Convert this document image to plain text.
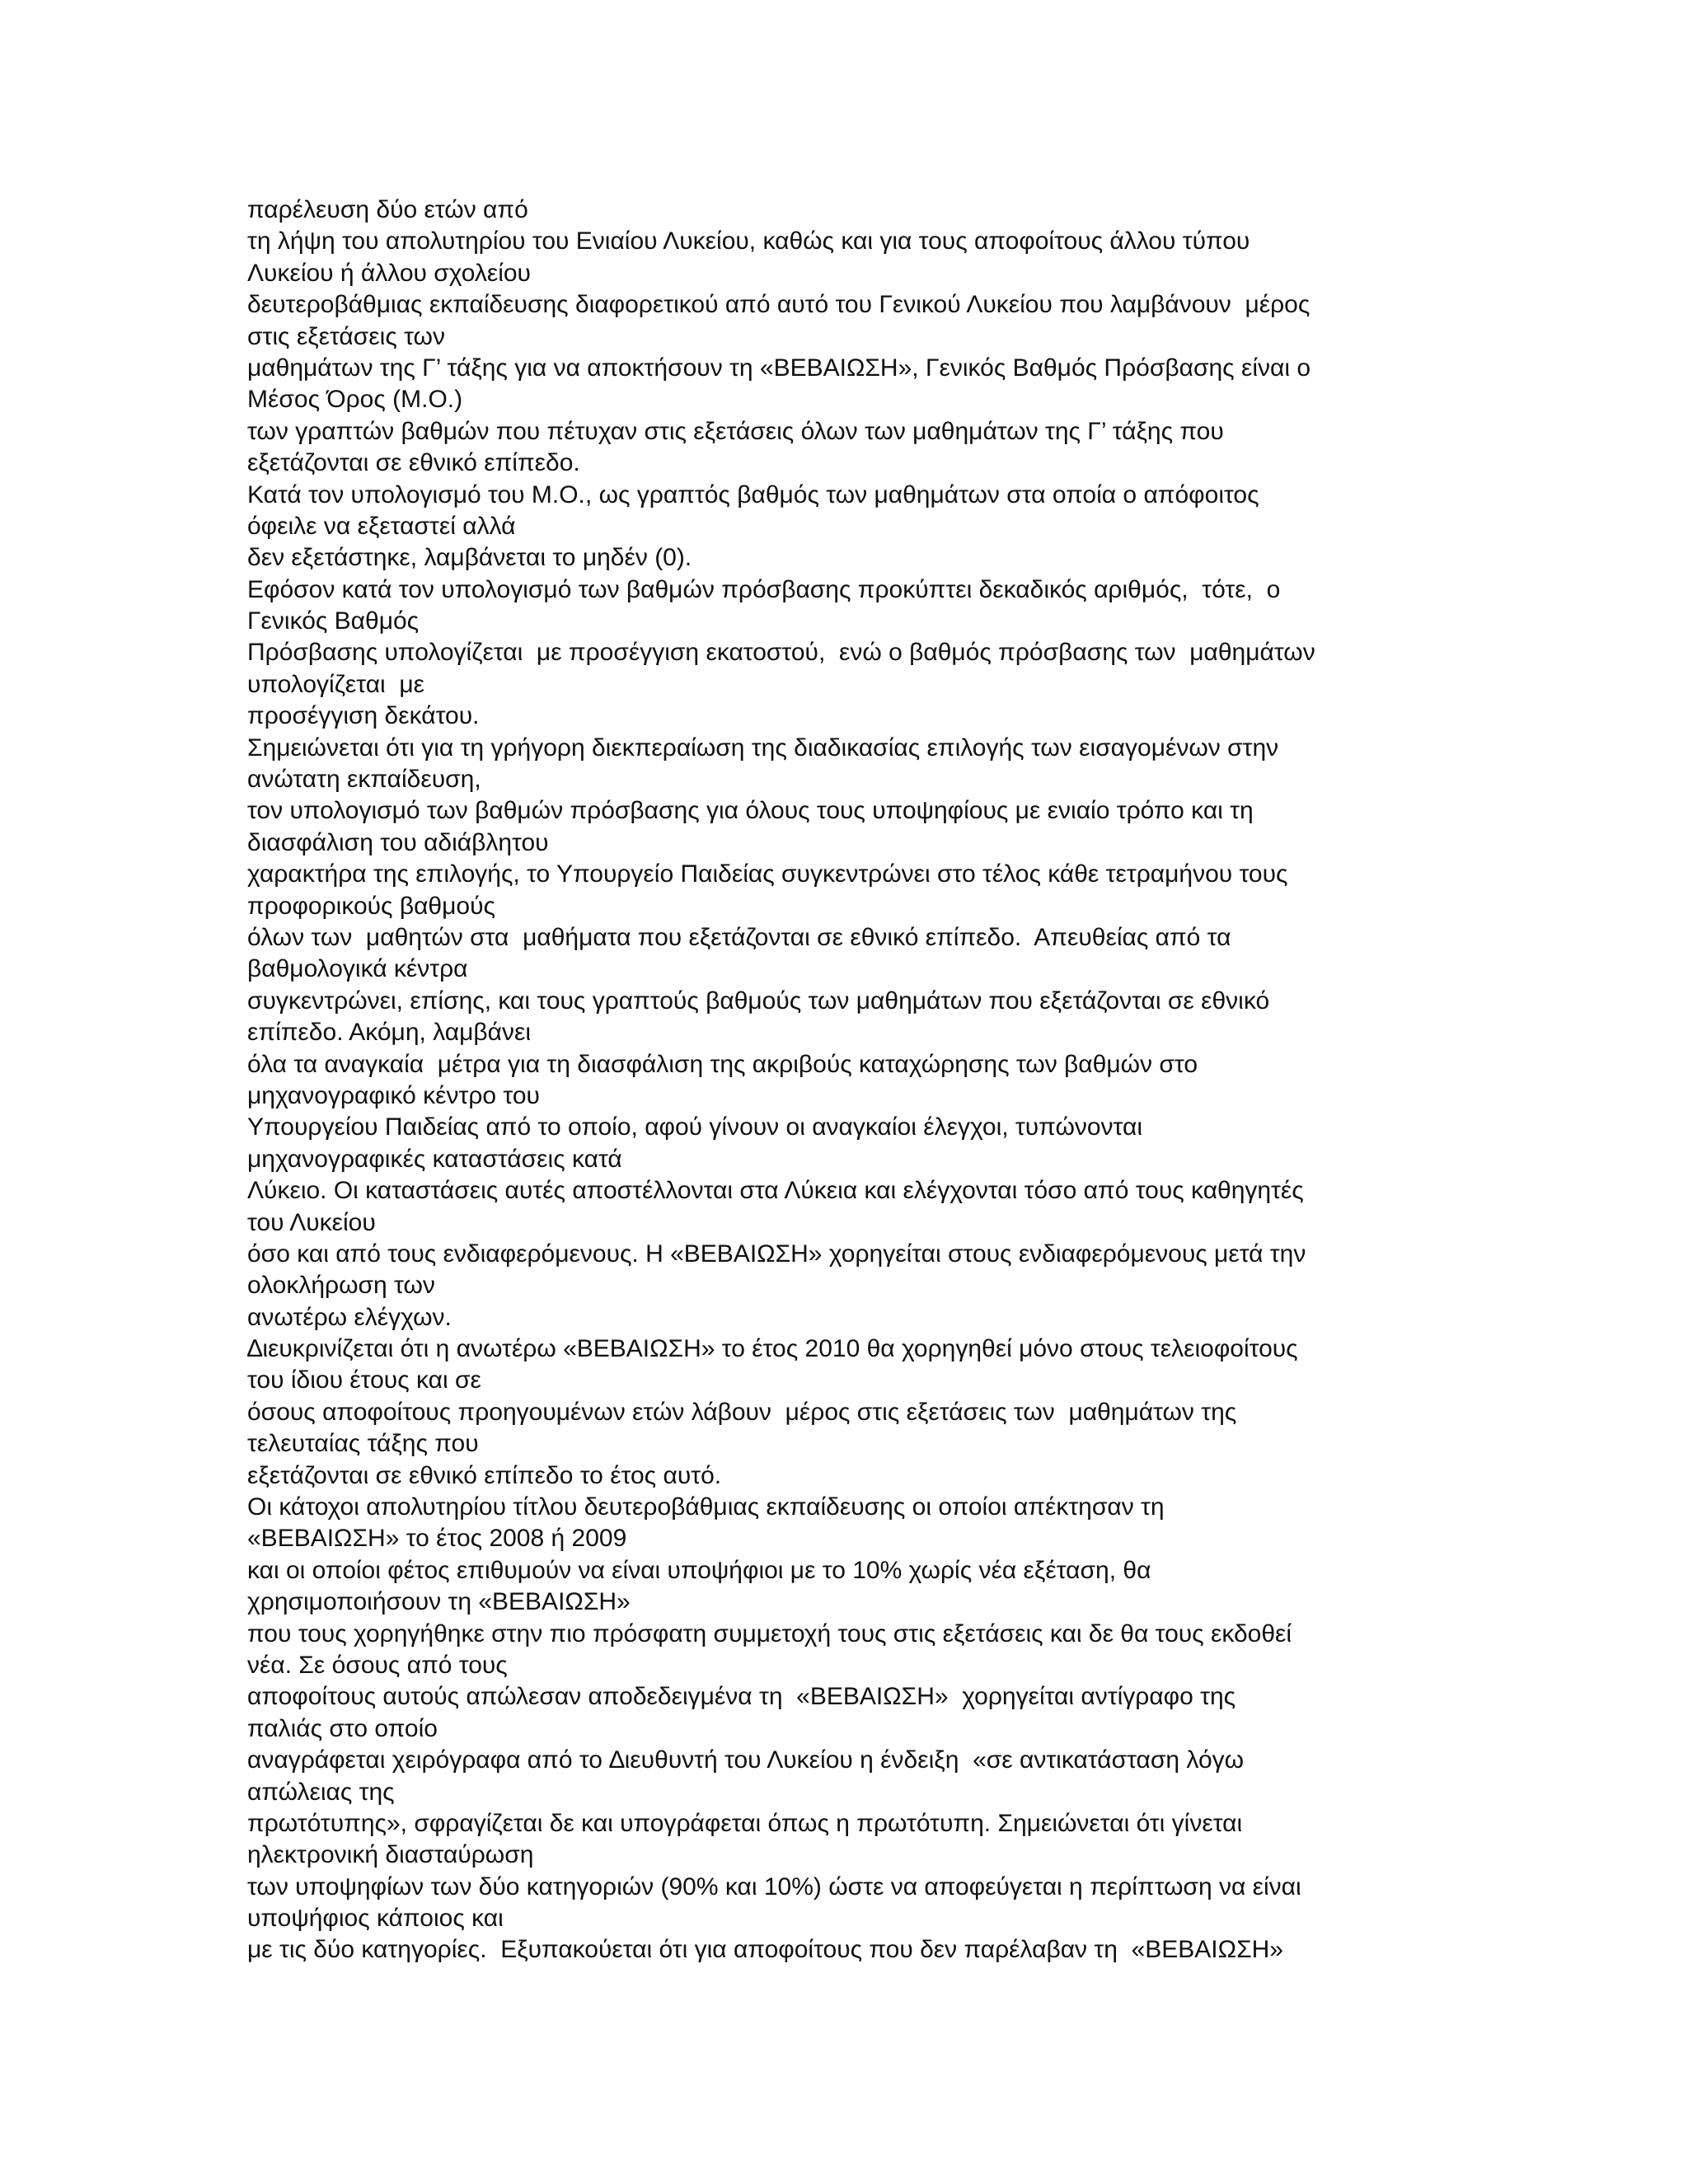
παρέλευση δύο ετών από
τη λήψη του απολυτηρίου του Ενιαίου Λυκείου, καθώς και για τους αποφοίτους άλλου τύπου
Λυκείου ή άλλου σχολείου
δευτεροβάθμιας εκπαίδευσης διαφορετικού από αυτό του Γενικού Λυκείου που λαμβάνουν  μέρος
στις εξετάσεις των
μαθημάτων της Γ’ τάξης για να αποκτήσουν τη «ΒΕΒΑΙΩΣΗ», Γενικός Βαθμός Πρόσβασης είναι ο
Μέσος Όρος (Μ.Ο.)
των γραπτών βαθμών που πέτυχαν στις εξετάσεις όλων των μαθημάτων της Γ’ τάξης που
εξετάζονται σε εθνικό επίπεδο.
Κατά τον υπολογισμό του Μ.Ο., ως γραπτός βαθμός των μαθημάτων στα οποία ο απόφοιτος
όφειλε να εξεταστεί αλλά
δεν εξετάστηκε, λαμβάνεται το μηδέν (0).
Εφόσον κατά τον υπολογισμό των βαθμών πρόσβασης προκύπτει δεκαδικός αριθμός,  τότε,  ο
Γενικός Βαθμός
Πρόσβασης υπολογίζεται  με προσέγγιση εκατοστού,  ενώ ο βαθμός πρόσβασης των  μαθημάτων
υπολογίζεται  με
προσέγγιση δεκάτου.
Σημειώνεται ότι για τη γρήγορη διεκπεραίωση της διαδικασίας επιλογής των εισαγομένων στην
ανώτατη εκπαίδευση,
τον υπολογισμό των βαθμών πρόσβασης για όλους τους υποψηφίους με ενιαίο τρόπο και τη
διασφάλιση του αδιάβλητου
χαρακτήρα της επιλογής, το Υπουργείο Παιδείας συγκεντρώνει στο τέλος κάθε τετραμήνου τους
προφορικούς βαθμούς
όλων των  μαθητών στα  μαθήματα που εξετάζονται σε εθνικό επίπεδο.  Απευθείας από τα
βαθμολογικά κέντρα
συγκεντρώνει, επίσης, και τους γραπτούς βαθμούς των μαθημάτων που εξετάζονται σε εθνικό
επίπεδο. Ακόμη, λαμβάνει
όλα τα αναγκαία  μέτρα για τη διασφάλιση της ακριβούς καταχώρησης των βαθμών στο
μηχανογραφικό κέντρο του
Υπουργείου Παιδείας από το οποίο, αφού γίνουν οι αναγκαίοι έλεγχοι, τυπώνονται
μηχανογραφικές καταστάσεις κατά
Λύκειο. Οι καταστάσεις αυτές αποστέλλονται στα Λύκεια και ελέγχονται τόσο από τους καθηγητές
του Λυκείου
όσο και από τους ενδιαφερόμενους. Η «ΒΕΒΑΙΩΣΗ» χορηγείται στους ενδιαφερόμενους μετά την
ολοκλήρωση των
ανωτέρω ελέγχων.
∆ιευκρινίζεται ότι η ανωτέρω «ΒΕΒΑΙΩΣΗ» το έτος 2010 θα χορηγηθεί μόνο στους τελειοφοίτους
του ίδιου έτους και σε
όσους αποφοίτους προηγουμένων ετών λάβουν  μέρος στις εξετάσεις των  μαθημάτων της
τελευταίας τάξης που
εξετάζονται σε εθνικό επίπεδο το έτος αυτό.
Οι κάτοχοι απολυτηρίου τίτλου δευτεροβάθμιας εκπαίδευσης οι οποίοι απέκτησαν τη
«ΒΕΒΑΙΩΣΗ» το έτος 2008 ή 2009
και οι οποίοι φέτος επιθυμούν να είναι υποψήφιοι με το 10% χωρίς νέα εξέταση, θα
χρησιμοποιήσουν τη «ΒΕΒΑΙΩΣΗ»
που τους χορηγήθηκε στην πιο πρόσφατη συμμετοχή τους στις εξετάσεις και δε θα τους εκδοθεί
νέα. Σε όσους από τους
αποφοίτους αυτούς απώλεσαν αποδεδειγμένα τη  «ΒΕΒΑΙΩΣΗ»  χορηγείται αντίγραφο της
παλιάς στο οποίο
αναγράφεται χειρόγραφα από το ∆ιευθυντή του Λυκείου η ένδειξη  «σε αντικατάσταση λόγω
απώλειας της
πρωτότυπης», σφραγίζεται δε και υπογράφεται όπως η πρωτότυπη. Σημειώνεται ότι γίνεται
ηλεκτρονική διασταύρωση
των υποψηφίων των δύο κατηγοριών (90% και 10%) ώστε να αποφεύγεται η περίπτωση να είναι
υποψήφιος κάποιος και
με τις δύο κατηγορίες.  Εξυπακούεται ότι για αποφοίτους που δεν παρέλαβαν τη  «ΒΕΒΑΙΩΣΗ»
